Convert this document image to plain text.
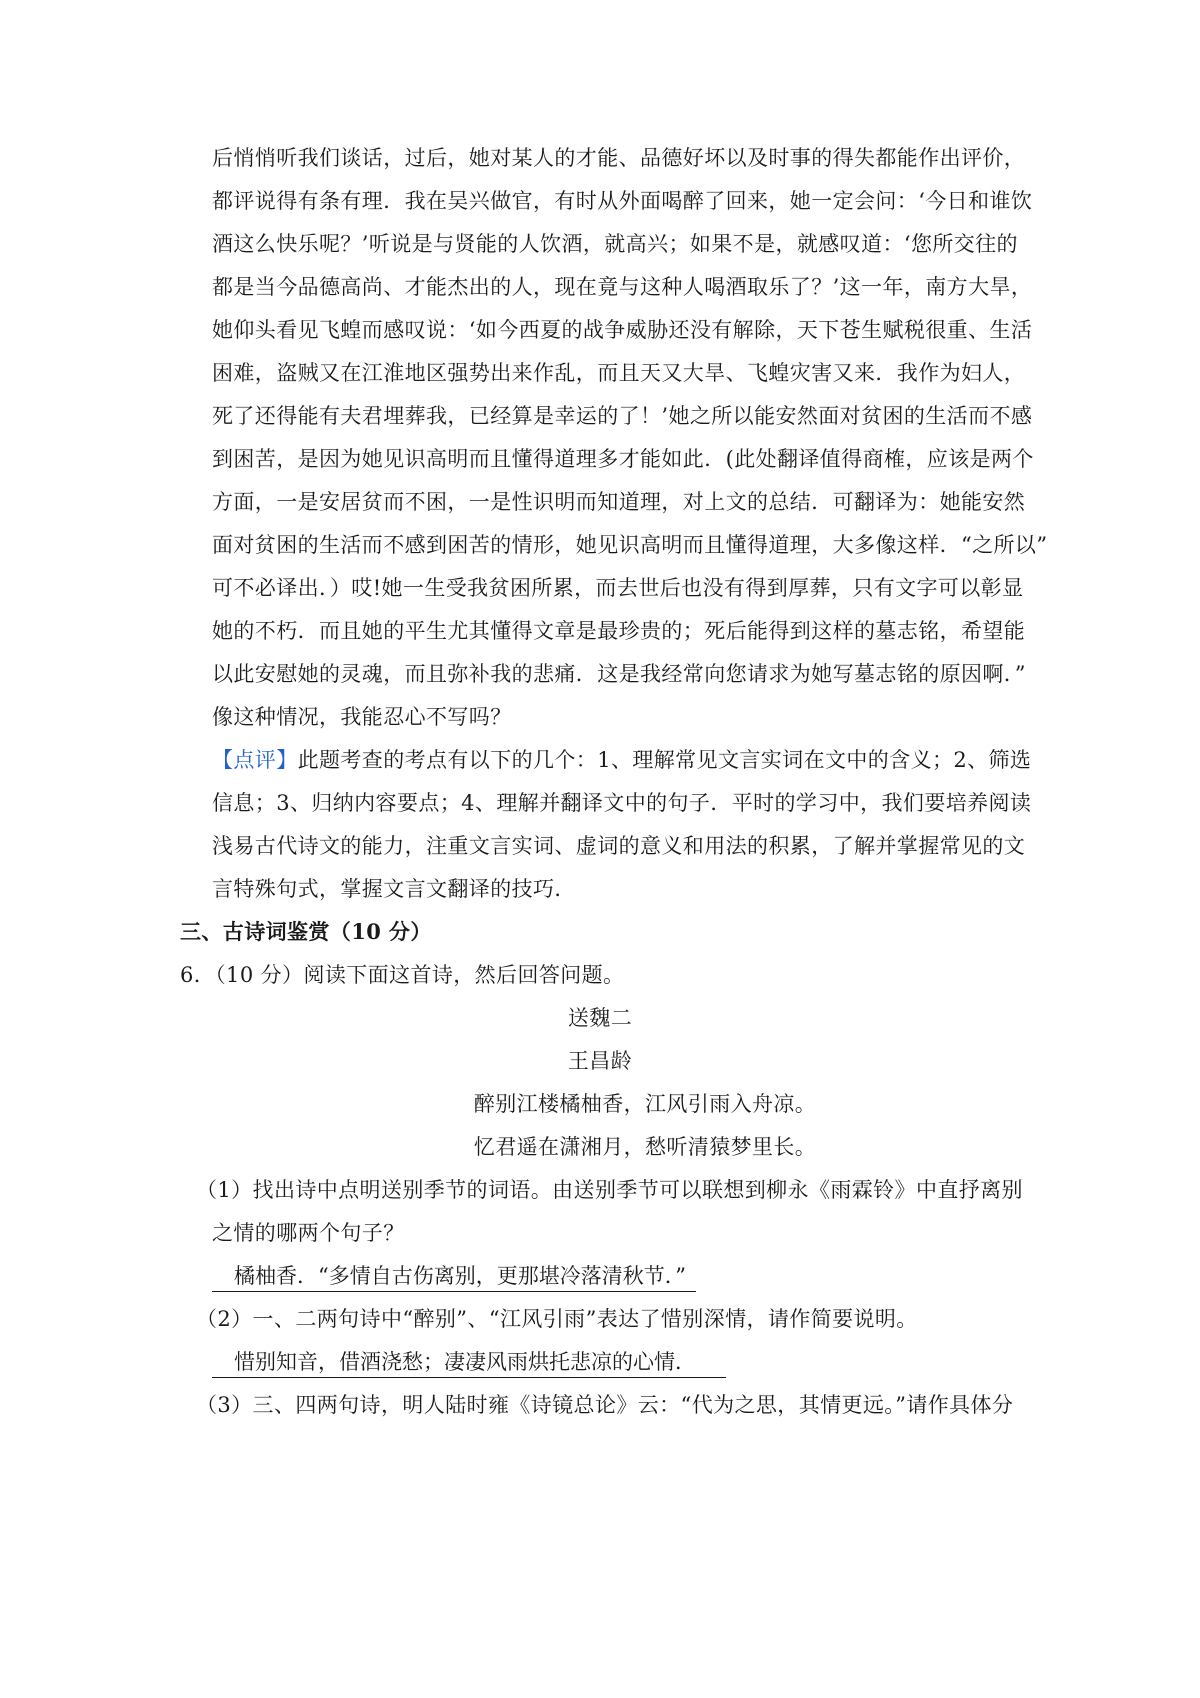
后悄悄听我们谈话，过后，她对某人的才能、品德好坏以及时事的得失都能作出评价，
都评说得有条有理．我在吴兴做官，有时从外面喝醉了回来，她一定会问：‘今日和谁饮
酒这么快乐呢？’听说是与贤能的人饮酒，就高兴；如果不是，就感叹道：‘您所交往的
都是当今品德高尚、才能杰出的人，现在竟与这种人喝酒取乐了？’这一年，南方大旱，
她仰头看见飞蝗而感叹说：‘如今西夏的战争威胁还没有解除，天下苍生赋税很重、生活
困难，盗贼又在江淮地区强势出来作乱，而且天又大旱、飞蝗灾害又来．我作为妇人，
死了还得能有夫君埋葬我，已经算是幸运的了！’她之所以能安然面对贫困的生活而不感
到困苦，是因为她见识高明而且懂得道理多才能如此．(此处翻译值得商榷，应该是两个
方面，一是安居贫而不困，一是性识明而知道理，对上文的总结．可翻译为：她能安然
面对贫困的生活而不感到困苦的情形，她见识高明而且懂得道理，大多像这样．“之所以”
可不必译出．）哎!她一生受我贫困所累，而去世后也没有得到厚葬，只有文字可以彰显
她的不朽．而且她的平生尤其懂得文章是最珍贵的；死后能得到这样的墓志铭，希望能
以此安慰她的灵魂，而且弥补我的悲痛．这是我经常向您请求为她写墓志铭的原因啊．”
像这种情况，我能忍心不写吗？
【点评】此题考查的考点有以下的几个：1、理解常见文言实词在文中的含义；2、筛选
信息；3、归纳内容要点；4、理解并翻译文中的句子．平时的学习中，我们要培养阅读
浅易古代诗文的能力，注重文言实词、虚词的意义和用法的积累，了解并掌握常见的文
言特殊句式，掌握文言文翻译的技巧．
三、古诗词鉴赏（10 分）
6．（10 分）阅读下面这首诗，然后回答问题。
送魏二
王昌龄
醉别江楼橘柚香，江风引雨入舟凉。
忆君遥在潇湘月，愁听清猿梦里长。
（1）找出诗中点明送别季节的词语。由送别季节可以联想到柳永《雨霖铃》中直抒离别
之情的哪两个句子？
橘柚香．“多情自古伤离别，更那堪冷落清秋节．”
（2）一、二两句诗中“醉别”、“江风引雨”表达了惜别深情，请作简要说明。
惜别知音，借酒浇愁；凄凄风雨烘托悲凉的心情．
（3）三、四两句诗，明人陆时雍《诗镜总论》云：“代为之思，其情更远。”请作具体分
